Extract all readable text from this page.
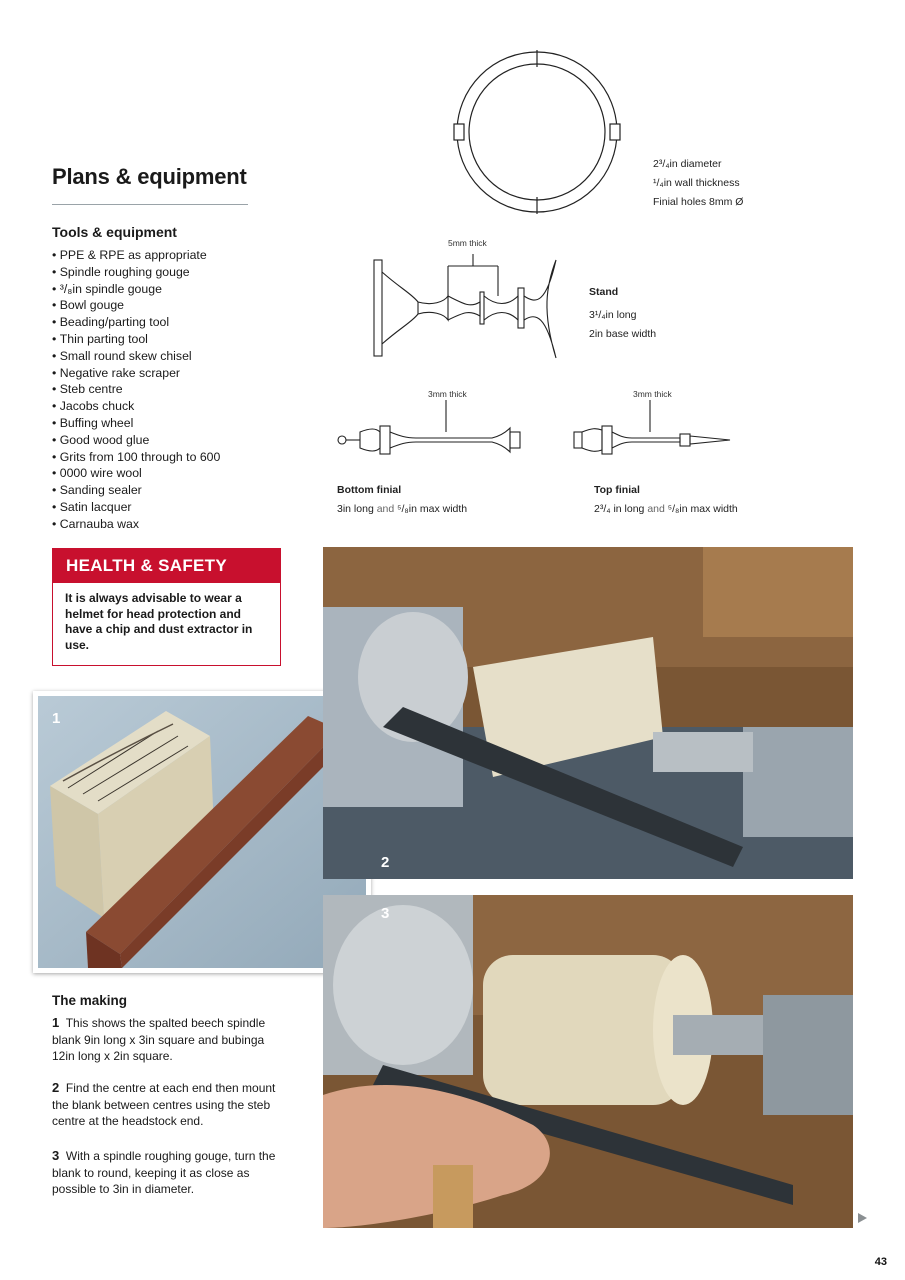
Plans & equipment
Tools & equipment
• PPE & RPE as appropriate
• Spindle roughing gouge
• ³/₈in spindle gouge
• Bowl gouge
• Beading/parting tool
• Thin parting tool
• Small round skew chisel
• Negative rake scraper
• Steb centre
• Jacobs chuck
• Buffing wheel
• Good wood glue
• Grits from 100 through to 600
• 0000 wire wool
• Sanding sealer
• Satin lacquer
• Carnauba wax
HEALTH & SAFETY
It is always advisable to wear a helmet for head protection and have a chip and dust extractor in use.
1
The making
1 This shows the spalted beech spindle blank 9in long x 3in square and bubinga 12in long x 2in square.
2 Find the centre at each end then mount the blank between centres using the steb centre at the headstock end.
3 With a spindle roughing gouge, turn the blank to round, keeping it as close as possible to 3in in diameter.
2³/₄in diameter
¹/₄in wall thickness
Finial holes 8mm Ø
5mm thick
Stand
3¹/₄in long
2in base width
3mm thick	3mm thick
Bottom finial
3in long and ⁵/₈in max width
Top finial
2³/₄ in long and ⁵/₈in max width
2
3
43
